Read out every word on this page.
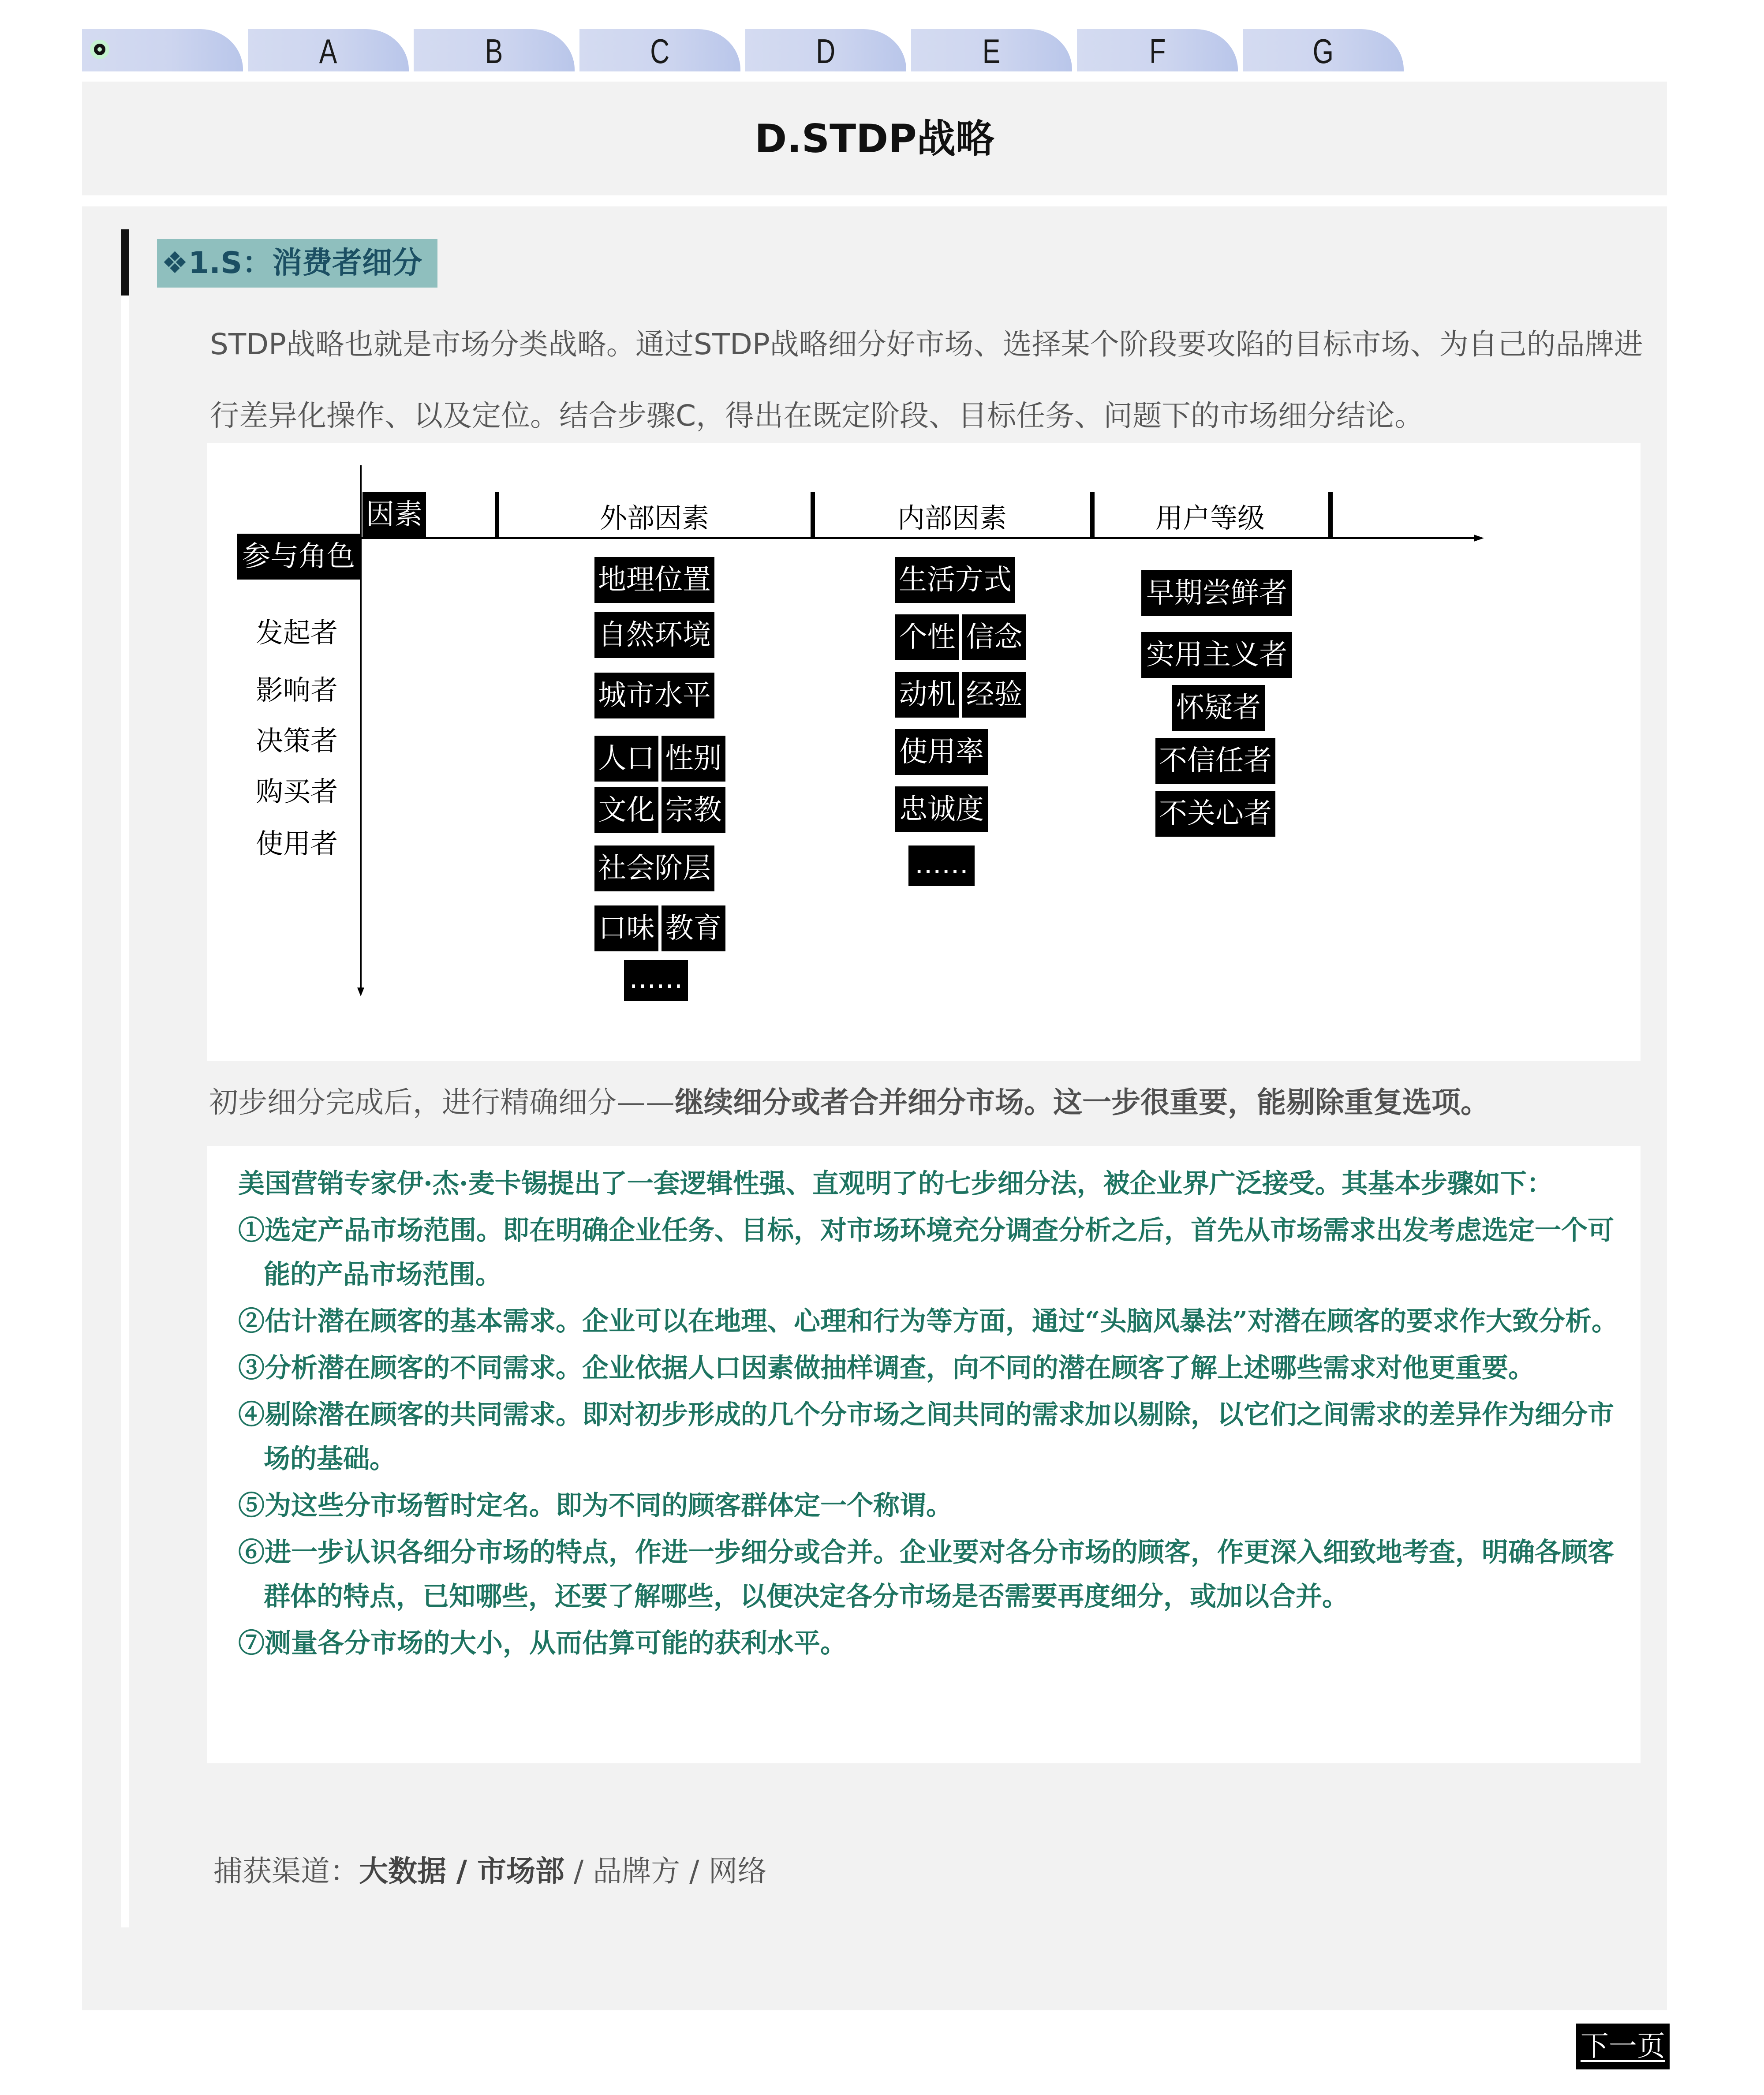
A	B	C	D	E	F	G
D.STDP战略
❖1.S：消费者细分
STDP战略也就是市场分类战略。通过STDP战略细分好市场、选择某个阶段要攻陷的目标市场、为自己的品牌进行差异化操作、以及定位。结合步骤C，得出在既定阶段、目标任务、问题下的市场细分结论。
因素
参与角色
外部因素	内部因素	用户等级
发起者
影响者
决策者
购买者
使用者
地理位置
自然环境
城市水平
人口 性别
文化 宗教
社会阶层
口味 教育
......
生活方式
个性 信念
动机 经验
使用率
忠诚度
......
早期尝鲜者
实用主义者
怀疑者
不信任者
不关心者
初步细分完成后，进行精确细分——继续细分或者合并细分市场。这一步很重要，能剔除重复选项。

美国营销专家伊·杰·麦卡锡提出了一套逻辑性强、直观明了的七步细分法，被企业界广泛接受。其基本步骤如下：

①选定产品市场范围。即在明确企业任务、目标，对市场环境充分调查分析之后，首先从市场需求出发考虑选定一个可能的产品市场范围。

②估计潜在顾客的基本需求。企业可以在地理、心理和行为等方面，通过“头脑风暴法”对潜在顾客的要求作大致分析。

③分析潜在顾客的不同需求。企业依据人口因素做抽样调查，向不同的潜在顾客了解上述哪些需求对他更重要。

④剔除潜在顾客的共同需求。即对初步形成的几个分市场之间共同的需求加以剔除，以它们之间需求的差异作为细分市场的基础。

⑤为这些分市场暂时定名。即为不同的顾客群体定一个称谓。

⑥进一步认识各细分市场的特点，作进一步细分或合并。企业要对各分市场的顾客，作更深入细致地考查，明确各顾客群体的特点，已知哪些，还要了解哪些，以便决定各分市场是否需要再度细分，或加以合并。

⑦测量各分市场的大小，从而估算可能的获利水平。

捕获渠道：大数据 / 市场部 / 品牌方 / 网络
下一页
